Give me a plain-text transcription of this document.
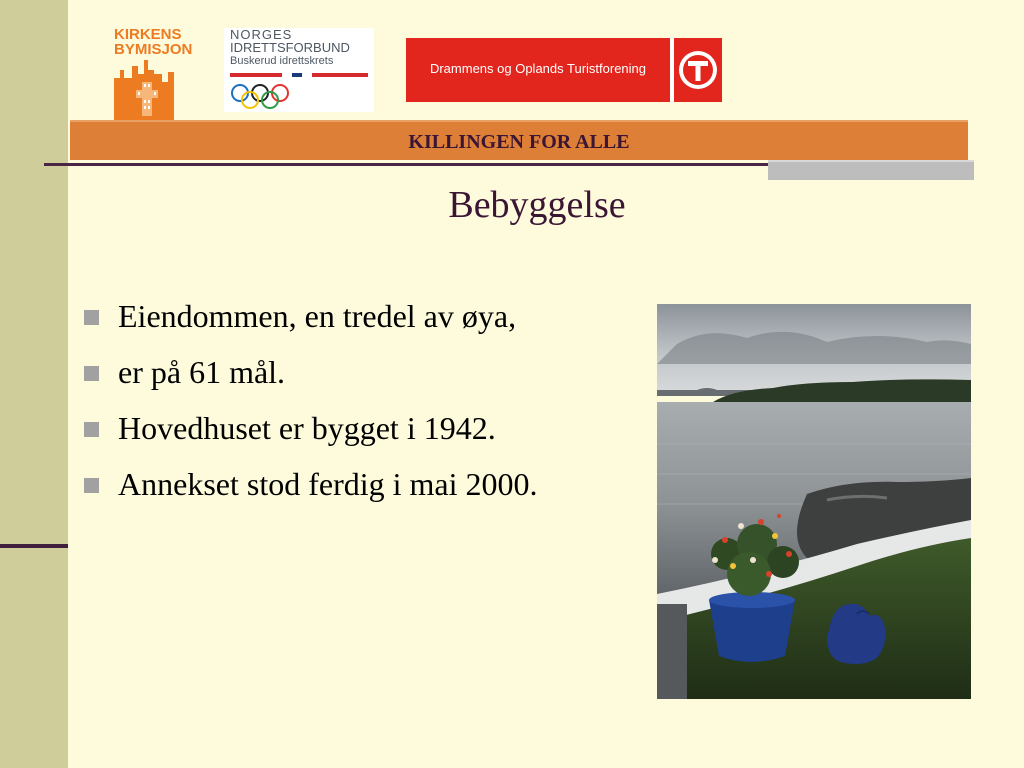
KIRKENS
BYMISJON
NORGES
IDRETTSFORBUND
Buskerud idrettskrets	Drammens og Oplands Turistforening
KILLINGEN FOR ALLE
Bebyggelse
Eiendommen, en tredel av øya,
er på 61 mål.
Hovedhuset er bygget i 1942.
Annekset stod ferdig i mai 2000.
